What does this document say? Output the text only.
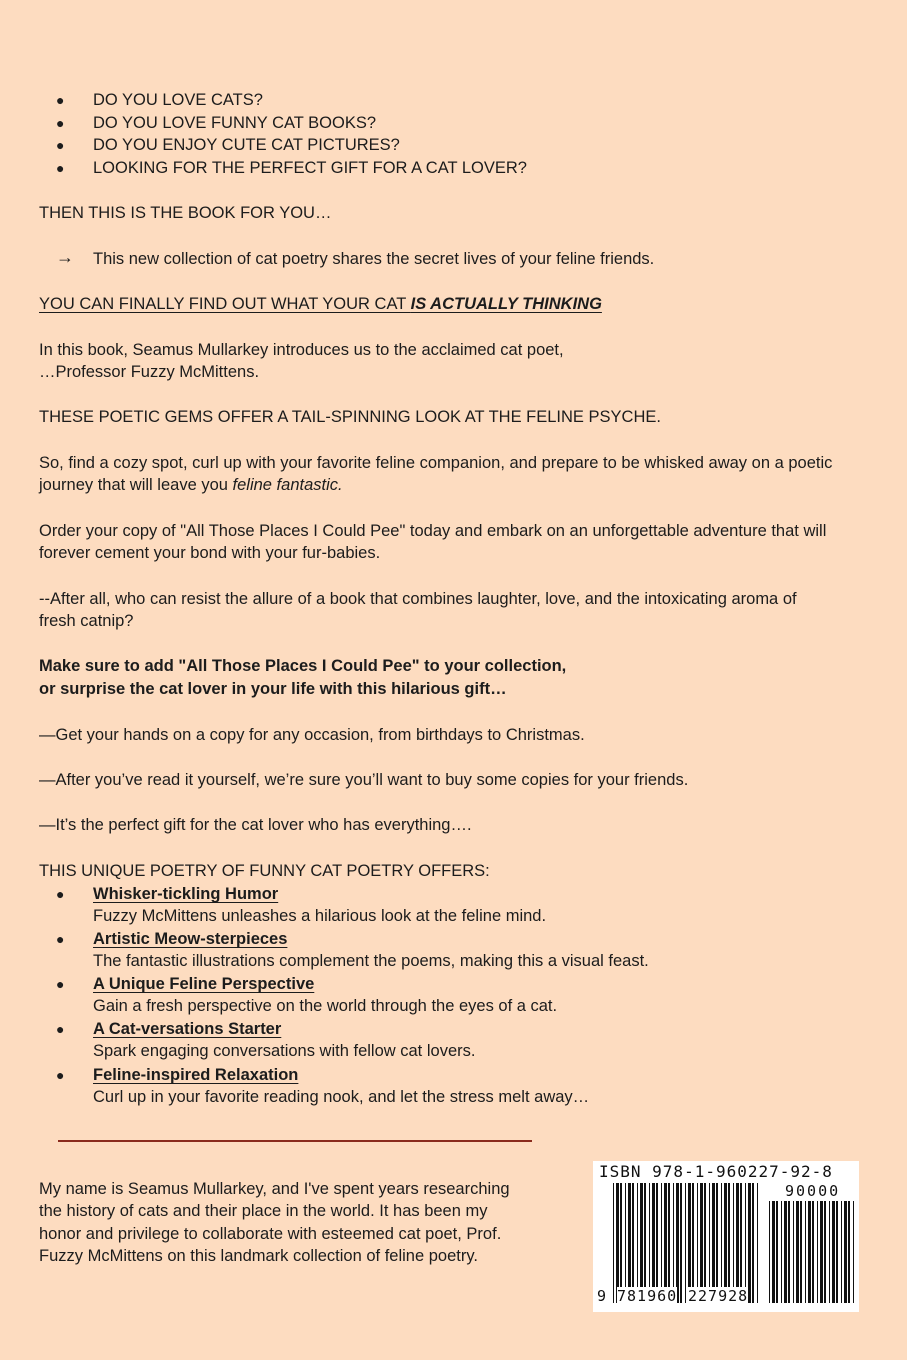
● DO YOU LOVE CATS?
● DO YOU LOVE FUNNY CAT BOOKS?
● DO YOU ENJOY CUTE CAT PICTURES?
● LOOKING FOR THE PERFECT GIFT FOR A CAT LOVER?
THEN THIS IS THE BOOK FOR YOU…
→ This new collection of cat poetry shares the secret lives of your feline friends.
YOU CAN FINALLY FIND OUT WHAT YOUR CAT IS ACTUALLY THINKING
In this book, Seamus Mullarkey introduces us to the acclaimed cat poet,
…Professor Fuzzy McMittens.
THESE POETIC GEMS OFFER A TAIL-SPINNING LOOK AT THE FELINE PSYCHE.
So, find a cozy spot, curl up with your favorite feline companion, and prepare to be whisked away on a poetic
journey that will leave you feline fantastic.
Order your copy of "All Those Places I Could Pee" today and embark on an unforgettable adventure that will
forever cement your bond with your fur-babies.
--After all, who can resist the allure of a book that combines laughter, love, and the intoxicating aroma of
fresh catnip?
Make sure to add "All Those Places I Could Pee" to your collection,
or surprise the cat lover in your life with this hilarious gift…
—Get your hands on a copy for any occasion, from birthdays to Christmas.
—After you’ve read it yourself, we’re sure you’ll want to buy some copies for your friends.
—It’s the perfect gift for the cat lover who has everything….
THIS UNIQUE POETRY OF FUNNY CAT POETRY OFFERS:
● Whisker-tickling Humor
Fuzzy McMittens unleashes a hilarious look at the feline mind.
● Artistic Meow-sterpieces
The fantastic illustrations complement the poems, making this a visual feast.
● A Unique Feline Perspective
Gain a fresh perspective on the world through the eyes of a cat.
● A Cat-versations Starter
Spark engaging conversations with fellow cat lovers.
● Feline-inspired Relaxation
Curl up in your favorite reading nook, and let the stress melt away…
My name is Seamus Mullarkey, and I've spent years researching
the history of cats and their place in the world. It has been my
honor and privilege to collaborate with esteemed cat poet, Prof.
Fuzzy McMittens on this landmark collection of feline poetry.
ISBN 978-1-960227-92-8
90000
9 781960 227928
